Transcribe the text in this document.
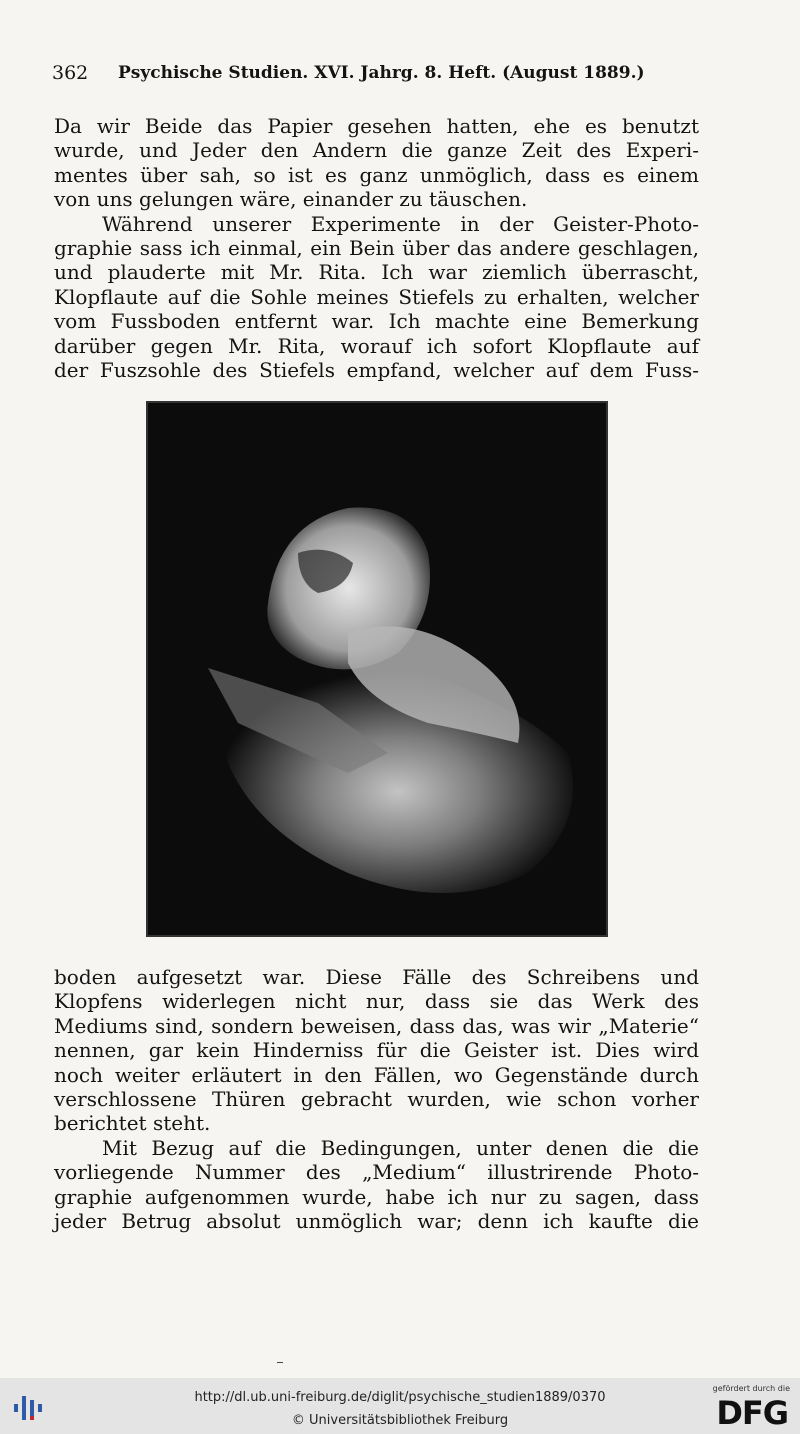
362 Psychische Studien. XVI. Jahrg. 8. Heft. (August 1889.)
Da wir Beide das Papier gesehen hatten, ehe es benutzt
wurde, und Jeder den Andern die ganze Zeit des Experi-
mentes über sah, so ist es ganz unmöglich, dass es einem
von uns gelungen wäre, einander zu täuschen.
Während unserer Experimente in der Geister-Photo-
graphie sass ich einmal, ein Bein über das andere geschlagen,
und plauderte mit Mr. Rita. Ich war ziemlich überrascht,
Klopflaute auf die Sohle meines Stiefels zu erhalten, welcher
vom Fussboden entfernt war. Ich machte eine Bemerkung
darüber gegen Mr. Rita, worauf ich sofort Klopflaute auf
der Fuszsohle des Stiefels empfand, welcher auf dem Fuss-
boden aufgesetzt war. Diese Fälle des Schreibens und
Klopfens widerlegen nicht nur, dass sie das Werk des
Mediums sind, sondern beweisen, dass das, was wir „Materie“
nennen, gar kein Hinderniss für die Geister ist. Dies wird
noch weiter erläutert in den Fällen, wo Gegenstände durch
verschlossene Thüren gebracht wurden, wie schon vorher
berichtet steht.
Mit Bezug auf die Bedingungen, unter denen die die
vorliegende Nummer des „Medium“ illustrirende Photo-
graphie aufgenommen wurde, habe ich nur zu sagen, dass
jeder Betrug absolut unmöglich war; denn ich kaufte die
http://dl.ub.uni-freiburg.de/diglit/psychische_studien1889/0370
© Universitätsbibliothek Freiburg
gefördert durch die
DFG
